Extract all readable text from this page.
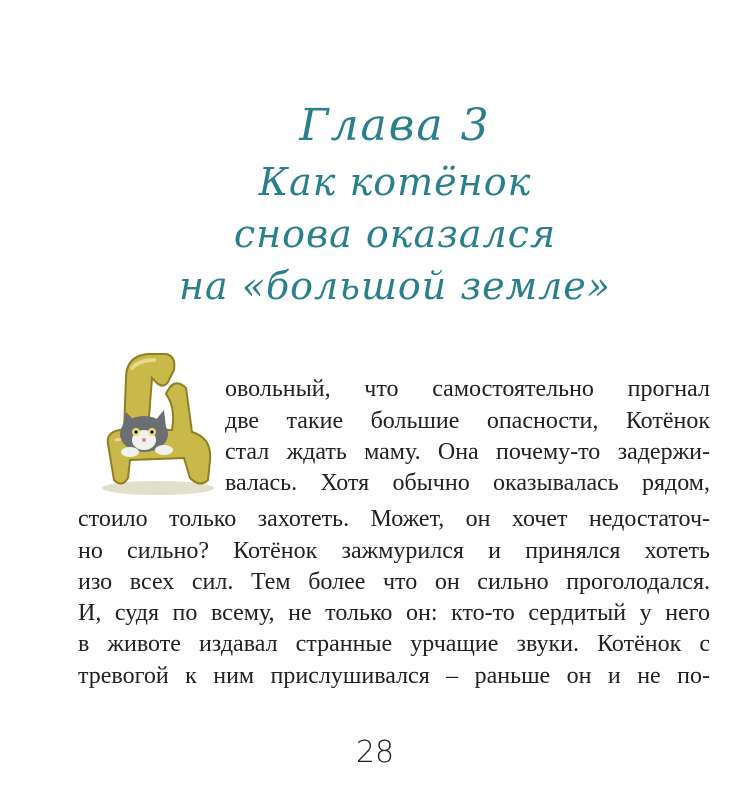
Глава 3
Как котёнок
снова оказался
на «большой земле»
овольный, что самостоятельно прогнал
две такие большие опасности, Котёнок
стал ждать маму. Она почему-то задержи-
валась. Хотя обычно оказывалась рядом,
стоило только захотеть. Может, он хочет недостаточ-
но сильно? Котёнок зажмурился и принялся хотеть
изо всех сил. Тем более что он сильно проголодался.
И, судя по всему, не только он: кто-то сердитый у него
в животе издавал странные урчащие звуки. Котёнок с
тревогой к ним прислушивался – раньше он и не по-
28
